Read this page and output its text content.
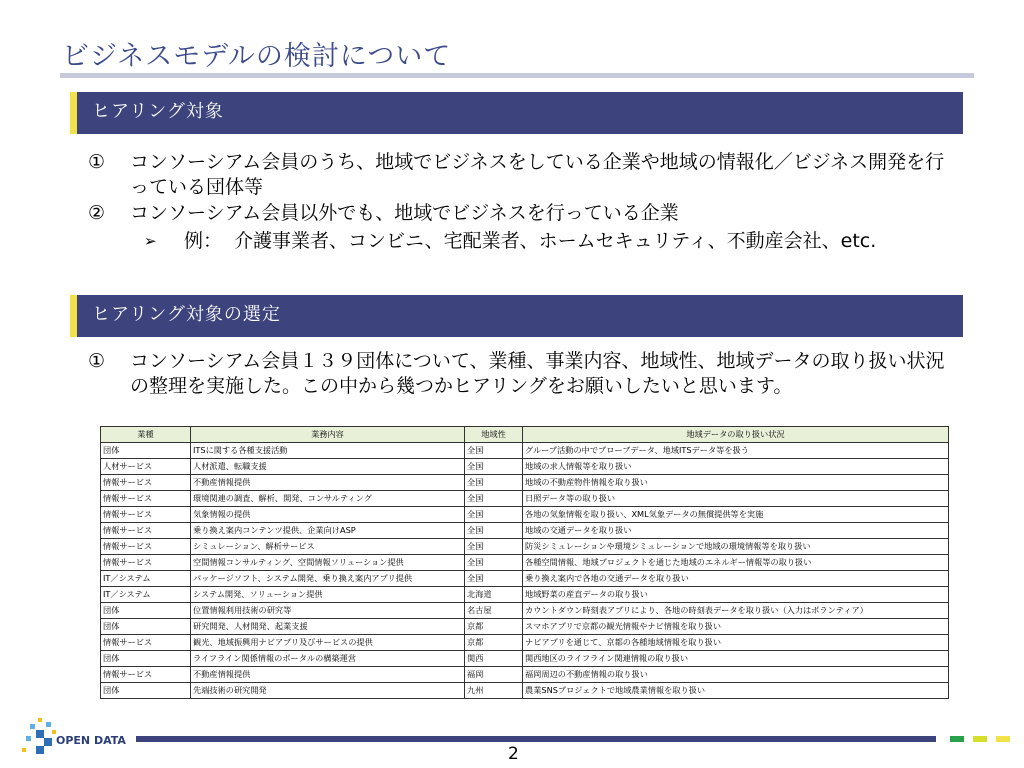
ビジネスモデルの検討について
ヒアリング対象
①	コンソーシアム会員のうち、地域でビジネスをしている企業や地域の情報化／ビジネス開発を行っている団体等
②	コンソーシアム会員以外でも、地域でビジネスを行っている企業
➢	例： 介護事業者、コンビニ、宅配業者、ホームセキュリティ、不動産会社、etc.
ヒアリング対象の選定
①	コンソーシアム会員１３９団体について、業種、事業内容、地域性、地域データの取り扱い状況の整理を実施した。この中から幾つかヒアリングをお願いしたいと思います。
業種	業務内容	地域性	地域データの取り扱い状況
団体	ITSに関する各種支援活動	全国	グループ活動の中でプローブデータ、地域ITSデータ等を扱う
人材サービス	人材派遣、転職支援	全国	地域の求人情報等を取り扱い
情報サービス	不動産情報提供	全国	地域の不動産物件情報を取り扱い
情報サービス	環境関連の調査、解析、開発、コンサルティング	全国	日照データ等の取り扱い
情報サービス	気象情報の提供	全国	各地の気象情報を取り扱い、XML気象データの無償提供等を実施
情報サービス	乗り換え案内コンテンツ提供、企業向けASP	全国	地域の交通データを取り扱い
情報サービス	シミュレーション、解析サービス	全国	防災シミュレーションや環境シミュレーションで地域の環境情報等を取り扱い
情報サービス	空間情報コンサルティング、空間情報ソリューション提供	全国	各種空間情報、地域プロジェクトを通じた地域のエネルギー情報等の取り扱い
IT／システム	パッケージソフト、システム開発、乗り換え案内アプリ提供	全国	乗り換え案内で各地の交通データを取り扱い
IT／システム	システム開発、ソリューション提供	北海道	地域野菜の産直データの取り扱い
団体	位置情報利用技術の研究等	名古屋	カウントダウン時刻表アプリにより、各地の時刻表データを取り扱い（入力はボランティア）
団体	研究開発、人材開発、起業支援	京都	スマホアプリで京都の観光情報やナビ情報を取り扱い
情報サービス	観光、地域振興用ナビアプリ及びサービスの提供	京都	ナビアプリを通じて、京都の各種地域情報を取り扱い
団体	ライフライン関係情報のポータルの構築運営	関西	関西地区のライフライン関連情報の取り扱い
情報サービス	不動産情報提供	福岡	福岡周辺の不動産情報の取り扱い
団体	先端技術の研究開発	九州	農業SNSプロジェクトで地域農業情報を取り扱い
OPEN DATA
2
